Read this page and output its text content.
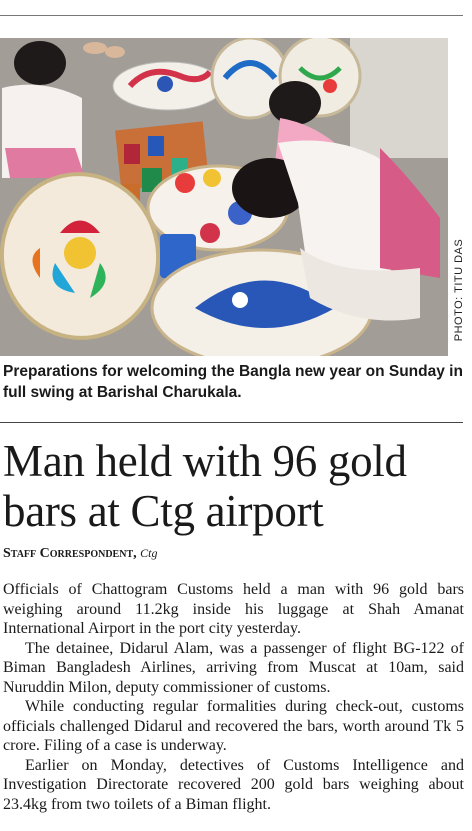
PHOTO: TITU DAS
Preparations for welcoming the Bangla new year on Sunday in full swing at Barishal Charukala.
Man held with 96 gold bars at Ctg airport
Staff Correspondent, Ctg

Officials of Chattogram Customs held a man with 96 gold bars weighing around 11.2kg inside his luggage at Shah Amanat International Airport in the port city yesterday.

The detainee, Didarul Alam, was a passenger of flight BG-122 of Biman Bangladesh Airlines, arriving from Muscat at 10am, said Nuruddin Milon, deputy commissioner of customs.

While conducting regular formalities during check-out, customs officials challenged Didarul and recovered the bars, worth around Tk 5 crore. Filing of a case is underway.

Earlier on Monday, detectives of Customs Intelligence and Investigation Directorate recovered 200 gold bars weighing about 23.4kg from two toilets of a Biman flight.
